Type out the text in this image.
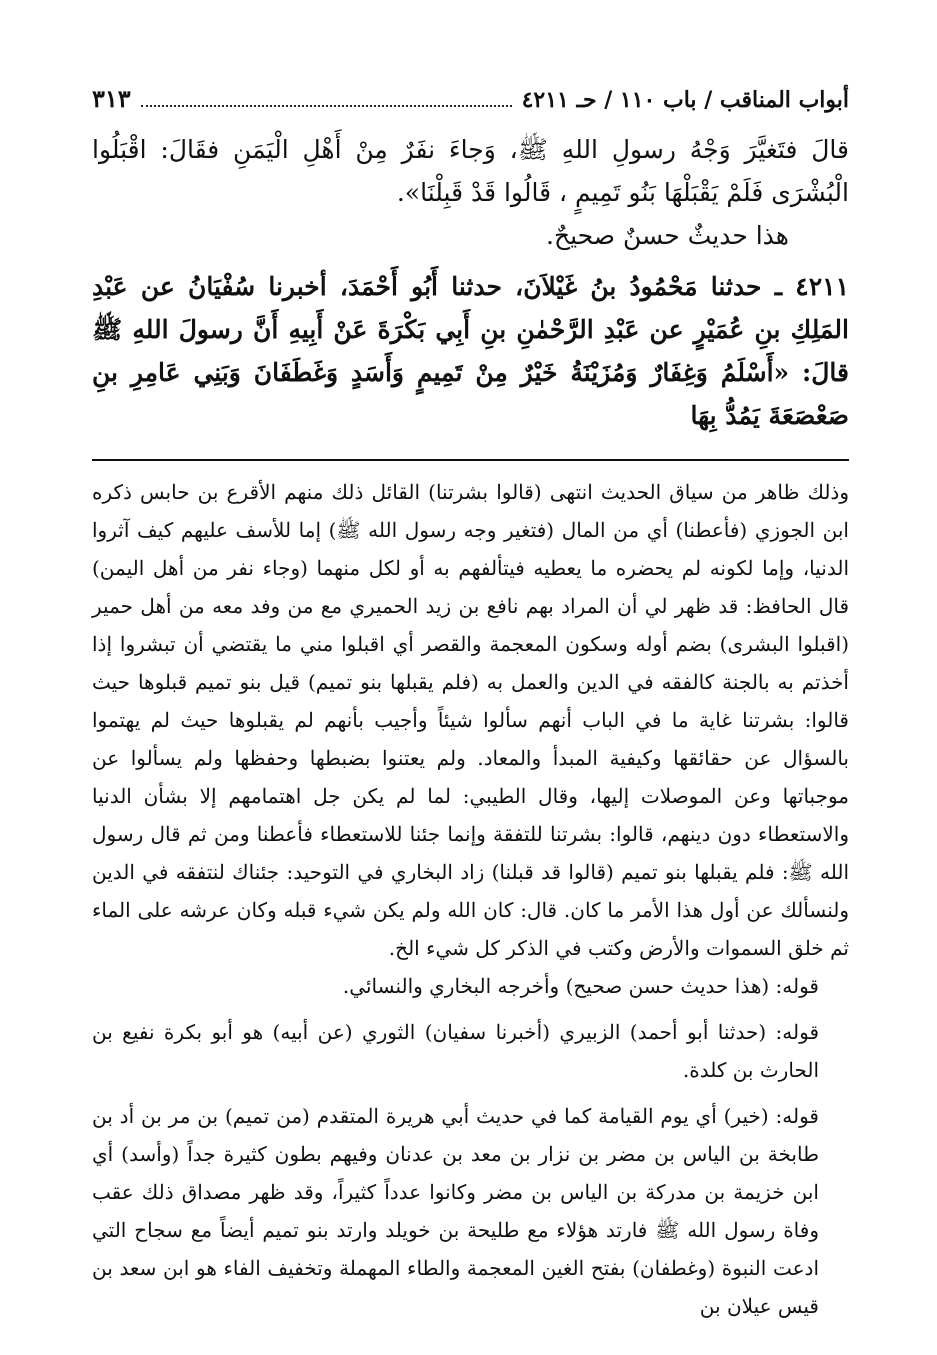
أبواب المناقب / باب ١١٠ / حـ ٤٢١١
٣١٣

قالَ فتَغيَّرَ وَجْهُ رسولِ اللهِ ﷺ، وَجاءَ نفَرٌ مِنْ أَهْلِ الْيَمَنِ فقَالَ: اقْبَلُوا الْبُشْرَى فَلَمْ يَقْبَلْهَا بَنُو تَمِيمٍ ، قَالُوا قَدْ قَبِلْنَا».

هذا حديثٌ حسنٌ صحيحٌ.

٤٢١١ ـ حدثنا مَحْمُودُ بنُ غَيْلاَنَ، حدثنا أَبُو أَحْمَدَ، أخبرنا سُفْيَانُ عن عَبْدِ المَلِكِ بنِ عُمَيْرٍ عن عَبْدِ الرَّحْمٰنِ بنِ أَبِي بَكْرَةَ عَنْ أَبِيهِ أَنَّ رسولَ اللهِ ﷺ قالَ: «أَسْلَمُ وَغِفَارٌ وَمُزَيْنَةُ خَيْرٌ مِنْ تَمِيمٍ وَأَسَدٍ وَغَطَفَانَ وَبَنِي عَامِرِ بنِ صَعْصَعَةَ يَمُدُّ بِهَا

وذلك ظاهر من سياق الحديث انتهى (قالوا بشرتنا) القائل ذلك منهم الأقرع بن حابس ذكره ابن الجوزي (فأعطنا) أي من المال (فتغير وجه رسول الله ﷺ) إما للأسف عليهم كيف آثروا الدنيا، وإما لكونه لم يحضره ما يعطيه فيتألفهم به أو لكل منهما (وجاء نفر من أهل اليمن) قال الحافظ: قد ظهر لي أن المراد بهم نافع بن زيد الحميري مع من وفد معه من أهل حمير (اقبلوا البشرى) بضم أوله وسكون المعجمة والقصر أي اقبلوا مني ما يقتضي أن تبشروا إذا أخذتم به بالجنة كالفقه في الدين والعمل به (فلم يقبلها بنو تميم) قيل بنو تميم قبلوها حيث قالوا: بشرتنا غاية ما في الباب أنهم سألوا شيئاً وأجيب بأنهم لم يقبلوها حيث لم يهتموا بالسؤال عن حقائقها وكيفية المبدأ والمعاد. ولم يعتنوا بضبطها وحفظها ولم يسألوا عن موجباتها وعن الموصلات إليها، وقال الطيبي: لما لم يكن جل اهتمامهم إلا بشأن الدنيا والاستعطاء دون دينهم، قالوا: بشرتنا للتفقة وإنما جئنا للاستعطاء فأعطنا ومن ثم قال رسول الله ﷺ: فلم يقبلها بنو تميم (قالوا قد قبلنا) زاد البخاري في التوحيد: جئناك لنتفقه في الدين ولنسألك عن أول هذا الأمر ما كان. قال: كان الله ولم يكن شيء قبله وكان عرشه على الماء ثم خلق السموات والأرض وكتب في الذكر كل شيء الخ.

قوله: (هذا حديث حسن صحيح) وأخرجه البخاري والنسائي.

قوله: (حدثنا أبو أحمد) الزبيري (أخبرنا سفيان) الثوري (عن أبيه) هو أبو بكرة نفيع بن الحارث بن كلدة.

قوله: (خير) أي يوم القيامة كما في حديث أبي هريرة المتقدم (من تميم) بن مر بن أد بن طابخة بن الياس بن مضر بن نزار بن معد بن عدنان وفيهم بطون كثيرة جداً (وأسد) أي ابن خزيمة بن مدركة بن الياس بن مضر وكانوا عدداً كثيراً، وقد ظهر مصداق ذلك عقب وفاة رسول الله ﷺ فارتد هؤلاء مع طليحة بن خويلد وارتد بنو تميم أيضاً مع سجاح التي ادعت النبوة (وغطفان) بفتح الغين المعجمة والطاء المهملة وتخفيف الفاء هو ابن سعد بن قيس عيلان بن
